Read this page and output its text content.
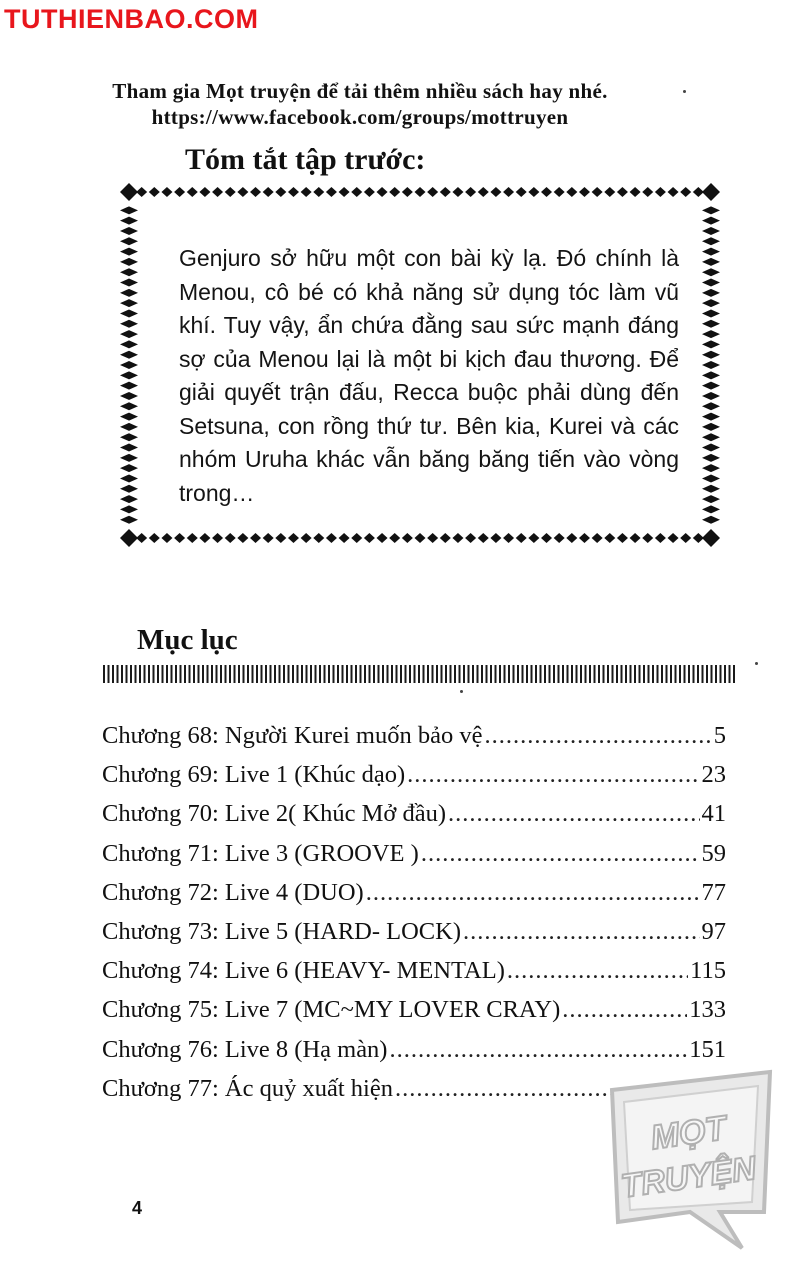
TUTHIENBAO.COM
Tham gia Mọt truyện để tải thêm nhiều sách hay nhé.
https://www.facebook.com/groups/mottruyen
Tóm tắt tập trước:
Genjuro sở hữu một con bài kỳ lạ. Đó chính là Menou, cô bé có khả năng sử dụng tóc làm vũ khí. Tuy vậy, ẩn chứa đằng sau sức mạnh đáng sợ của Menou lại là một bi kịch đau thương. Để giải quyết trận đấu, Recca buộc phải dùng đến Setsuna, con rồng thứ tư. Bên kia, Kurei và các nhóm Uruha khác vẫn băng băng tiến vào vòng trong…
Mục lục
Chương 68: Người Kurei muốn bảo vệ .....	5
Chương 69: Live 1 (Khúc dạo) .....	23
Chương 70: Live 2( Khúc Mở đầu) .....	41
Chương 71: Live 3 (GROOVE ) .....	59
Chương 72: Live 4 (DUO) .....	77
Chương 73: Live 5 (HARD- LOCK) .....	97
Chương 74: Live 6 (HEAVY- MENTAL) .....	115
Chương 75: Live 7 (MC~MY LOVER CRAY) .....	133
Chương 76: Live 8 (Hạ màn) .....	151
Chương 77: Ác quỷ xuất hiện
.....
4
MỌT
TRUYỆN
